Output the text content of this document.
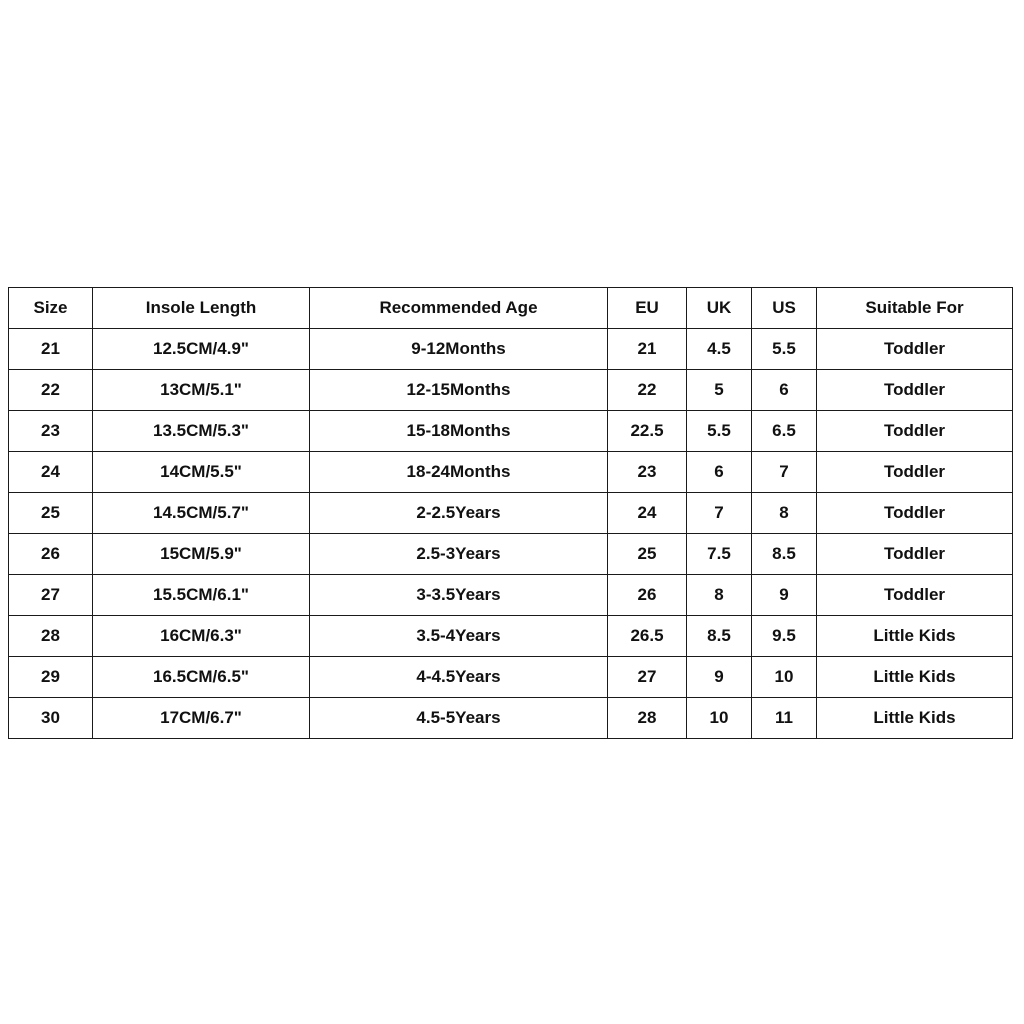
Size	Insole Length	Recommended Age	EU	UK	US	Suitable For
21	12.5CM/4.9"	9-12Months	21	4.5	5.5	Toddler
22	13CM/5.1"	12-15Months	22	5	6	Toddler
23	13.5CM/5.3"	15-18Months	22.5	5.5	6.5	Toddler
24	14CM/5.5"	18-24Months	23	6	7	Toddler
25	14.5CM/5.7"	2-2.5Years	24	7	8	Toddler
26	15CM/5.9"	2.5-3Years	25	7.5	8.5	Toddler
27	15.5CM/6.1"	3-3.5Years	26	8	9	Toddler
28	16CM/6.3"	3.5-4Years	26.5	8.5	9.5	Little Kids
29	16.5CM/6.5"	4-4.5Years	27	9	10	Little Kids
30	17CM/6.7"	4.5-5Years	28	10	11	Little Kids
